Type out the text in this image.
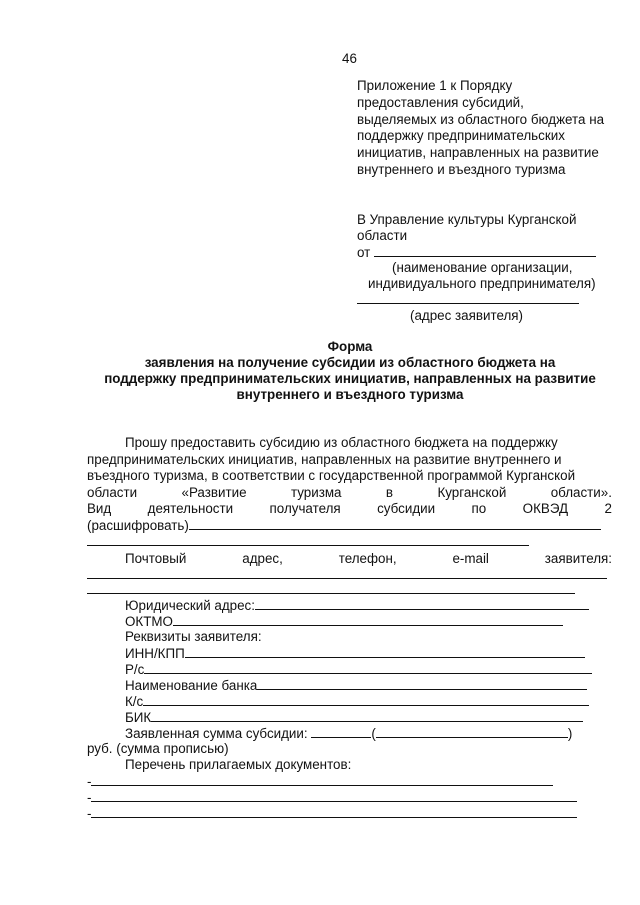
46
Приложение 1 к Порядку
предоставления субсидий,
выделяемых из областного бюджета на
поддержку предпринимательских
инициатив, направленных на развитие
внутреннего и въездного туризма
В Управление культуры Курганской
области
от
(наименование организации,
индивидуального предпринимателя)
(адрес заявителя)
Форма
заявления на получение субсидии из областного бюджета на
поддержку предпринимательских инициатив, направленных на развитие
внутреннего и въездного туризма
Прошу предоставить субсидию из областного бюджета на поддержку
предпринимательских инициатив, направленных на развитие внутреннего и
въездного туризма, в соответствии с государственной программой Курганской
области	«Развитие	туризма	в	Курганской	области».
Вид	деятельности	получателя	субсидии	по	ОКВЭД	2
(расшифровать)
Почтовый	адрес,	телефон,	e-mail	заявителя:
Юридический адрес:
ОКТМО
Реквизиты заявителя:
ИНН/КПП
Р/с
Наименование банка
К/с
БИК
Заявленная сумма субсидии:	(	)
руб. (сумма прописью)
Перечень прилагаемых документов:
-
-
-
